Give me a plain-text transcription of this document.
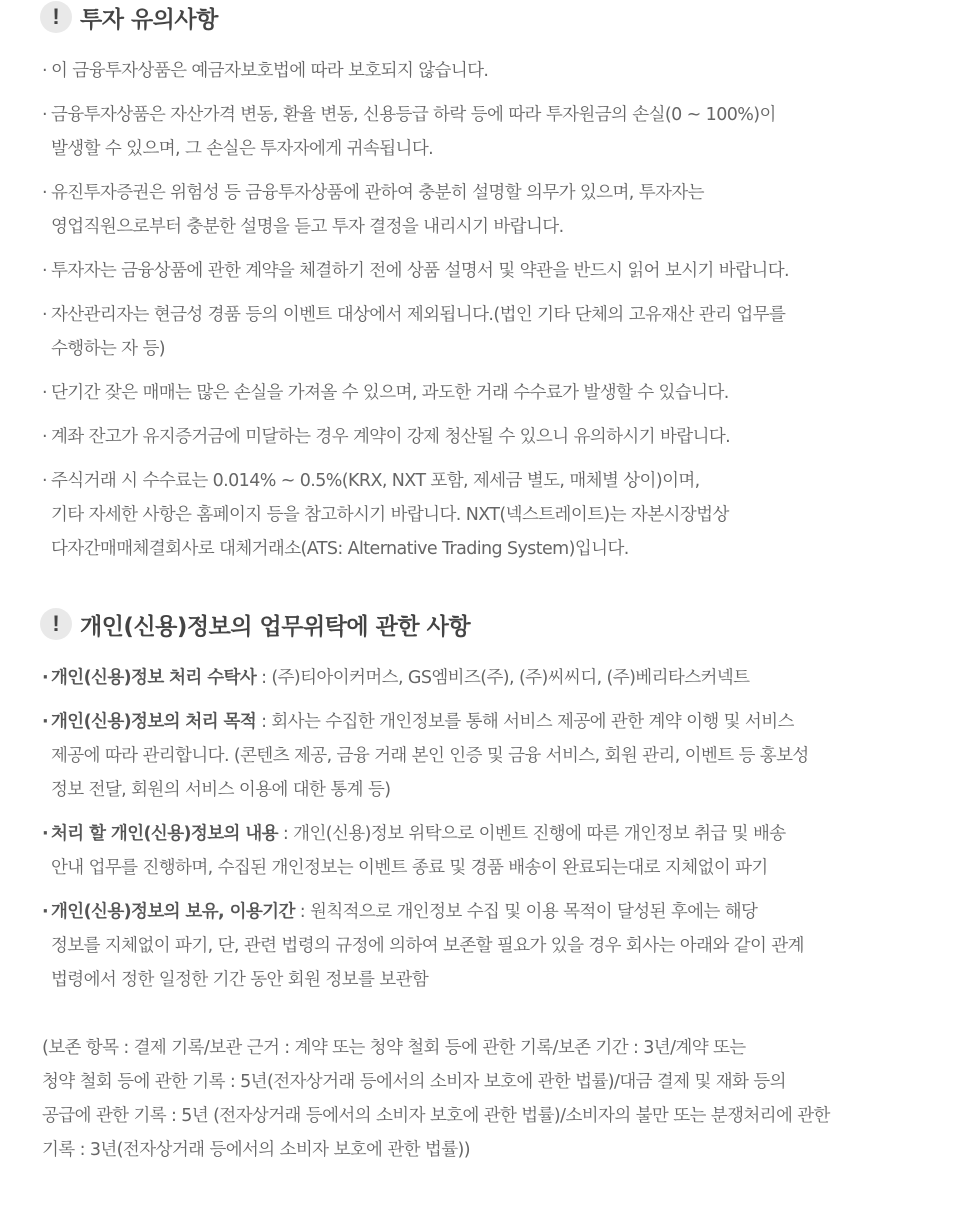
! 투자 유의사항
· 이 금융투자상품은 예금자보호법에 따라 보호되지 않습니다.
· 금융투자상품은 자산가격 변동, 환율 변동, 신용등급 하락 등에 따라 투자원금의 손실(0 ~ 100%)이
발생할 수 있으며, 그 손실은 투자자에게 귀속됩니다.
· 유진투자증권은 위험성 등 금융투자상품에 관하여 충분히 설명할 의무가 있으며, 투자자는
영업직원으로부터 충분한 설명을 듣고 투자 결정을 내리시기 바랍니다.
· 투자자는 금융상품에 관한 계약을 체결하기 전에 상품 설명서 및 약관을 반드시 읽어 보시기 바랍니다.
· 자산관리자는 현금성 경품 등의 이벤트 대상에서 제외됩니다.(법인 기타 단체의 고유재산 관리 업무를
수행하는 자 등)
· 단기간 잦은 매매는 많은 손실을 가져올 수 있으며, 과도한 거래 수수료가 발생할 수 있습니다.
· 계좌 잔고가 유지증거금에 미달하는 경우 계약이 강제 청산될 수 있으니 유의하시기 바랍니다.
· 주식거래 시 수수료는 0.014% ~ 0.5%(KRX, NXT 포함, 제세금 별도, 매체별 상이)이며,
기타 자세한 사항은 홈페이지 등을 참고하시기 바랍니다. NXT(넥스트레이트)는 자본시장법상
다자간매매체결회사로 대체거래소(ATS: Alternative Trading System)입니다.
! 개인(신용)정보의 업무위탁에 관한 사항
· 개인(신용)정보 처리 수탁사 : (주)티아이커머스, GS엠비즈(주), (주)씨씨디, (주)베리타스커넥트
· 개인(신용)정보의 처리 목적 : 회사는 수집한 개인정보를 통해 서비스 제공에 관한 계약 이행 및 서비스
제공에 따라 관리합니다. (콘텐츠 제공, 금융 거래 본인 인증 및 금융 서비스, 회원 관리, 이벤트 등 홍보성
정보 전달, 회원의 서비스 이용에 대한 통계 등)
· 처리 할 개인(신용)정보의 내용 : 개인(신용)정보 위탁으로 이벤트 진행에 따른 개인정보 취급 및 배송
안내 업무를 진행하며, 수집된 개인정보는 이벤트 종료 및 경품 배송이 완료되는대로 지체없이 파기
· 개인(신용)정보의 보유, 이용기간 : 원칙적으로 개인정보 수집 및 이용 목적이 달성된 후에는 해당
정보를 지체없이 파기, 단, 관련 법령의 규정에 의하여 보존할 필요가 있을 경우 회사는 아래와 같이 관계
법령에서 정한 일정한 기간 동안 회원 정보를 보관함
(보존 항목 : 결제 기록/보관 근거 : 계약 또는 청약 철회 등에 관한 기록/보존 기간 : 3년/계약 또는
청약 철회 등에 관한 기록 : 5년(전자상거래 등에서의 소비자 보호에 관한 법률)/대금 결제 및 재화 등의
공급에 관한 기록 : 5년 (전자상거래 등에서의 소비자 보호에 관한 법률)/소비자의 불만 또는 분쟁처리에 관한
기록 : 3년(전자상거래 등에서의 소비자 보호에 관한 법률))
